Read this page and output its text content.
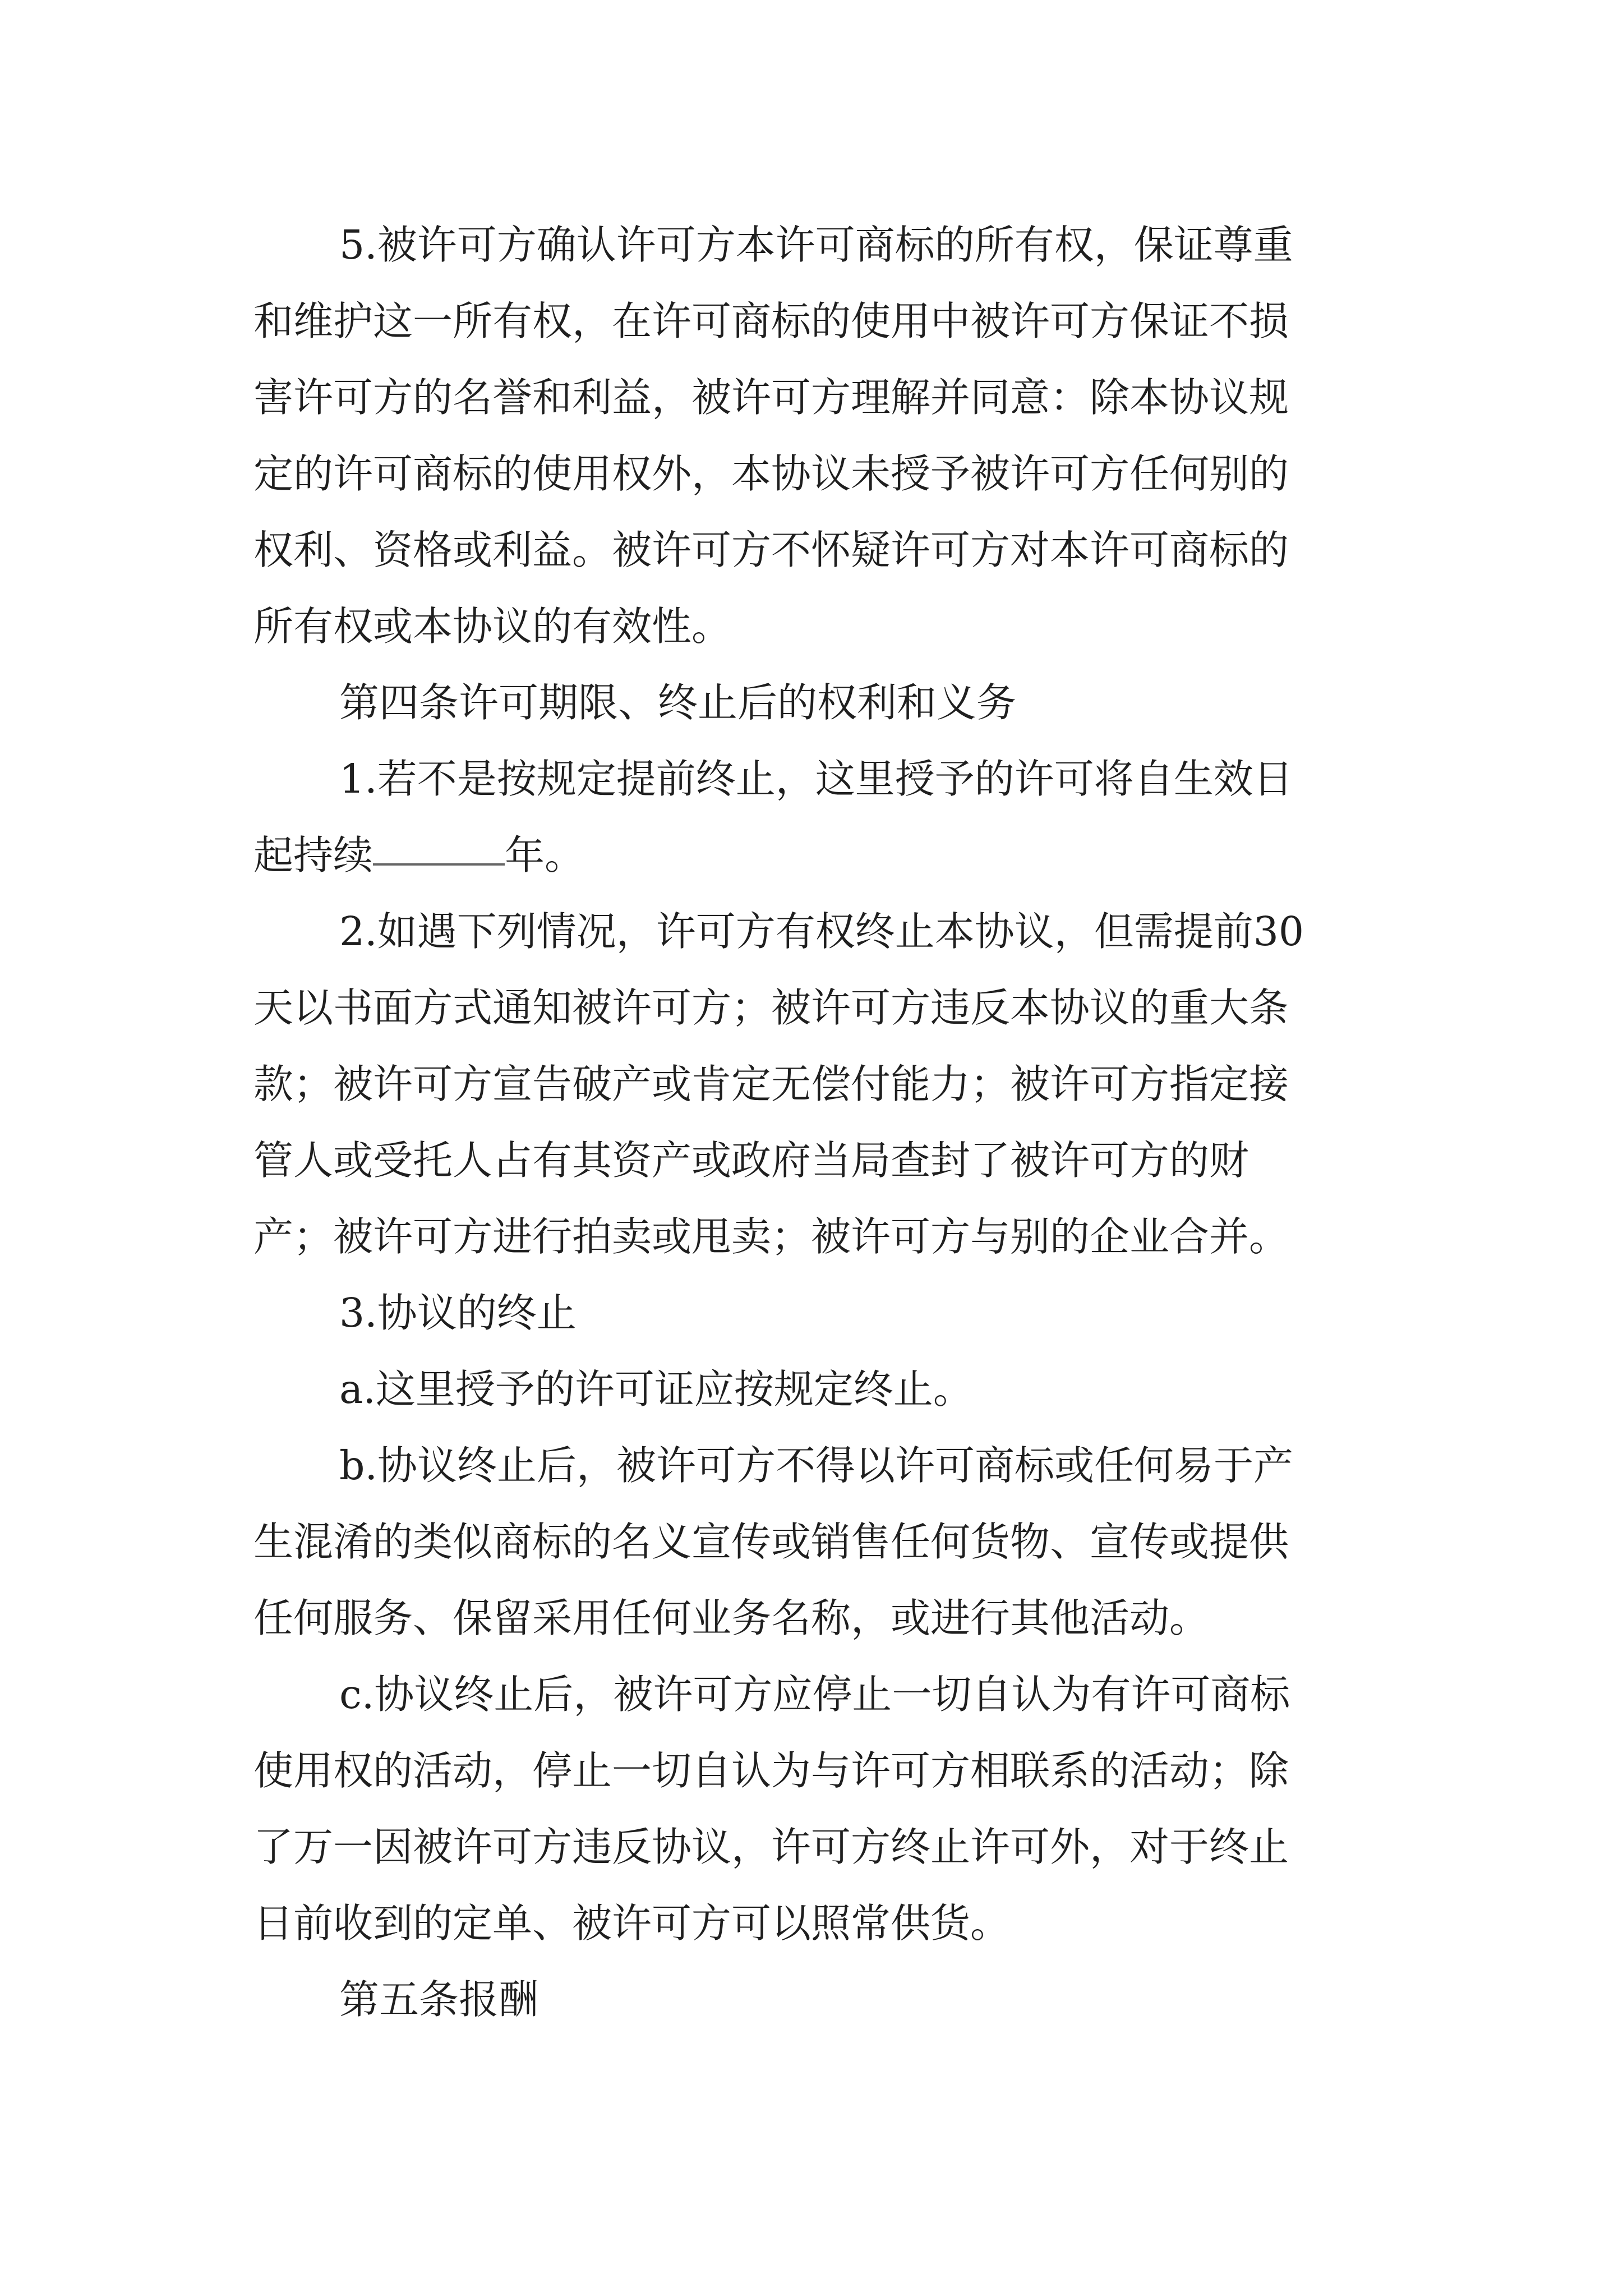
5.被许可方确认许可方本许可商标的所有权，保证尊重
和维护这一所有权，在许可商标的使用中被许可方保证不损
害许可方的名誉和利益，被许可方理解并同意：除本协议规
定的许可商标的使用权外，本协议未授予被许可方任何别的
权利、资格或利益。被许可方不怀疑许可方对本许可商标的
所有权或本协议的有效性。
第四条许可期限、终止后的权利和义务
1.若不是按规定提前终止，这里授予的许可将自生效日
起持续	年。
2.如遇下列情况，许可方有权终止本协议，但需提前30
天以书面方式通知被许可方；被许可方违反本协议的重大条
款；被许可方宣告破产或肯定无偿付能力；被许可方指定接
管人或受托人占有其资产或政府当局查封了被许可方的财
产；被许可方进行拍卖或甩卖；被许可方与别的企业合并。
3.协议的终止
a.这里授予的许可证应按规定终止。
b.协议终止后，被许可方不得以许可商标或任何易于产
生混淆的类似商标的名义宣传或销售任何货物、宣传或提供
任何服务、保留采用任何业务名称，或进行其他活动。
c.协议终止后，被许可方应停止一切自认为有许可商标
使用权的活动，停止一切自认为与许可方相联系的活动；除
了万一因被许可方违反协议，许可方终止许可外，对于终止
日前收到的定单、被许可方可以照常供货。
第五条报酬
